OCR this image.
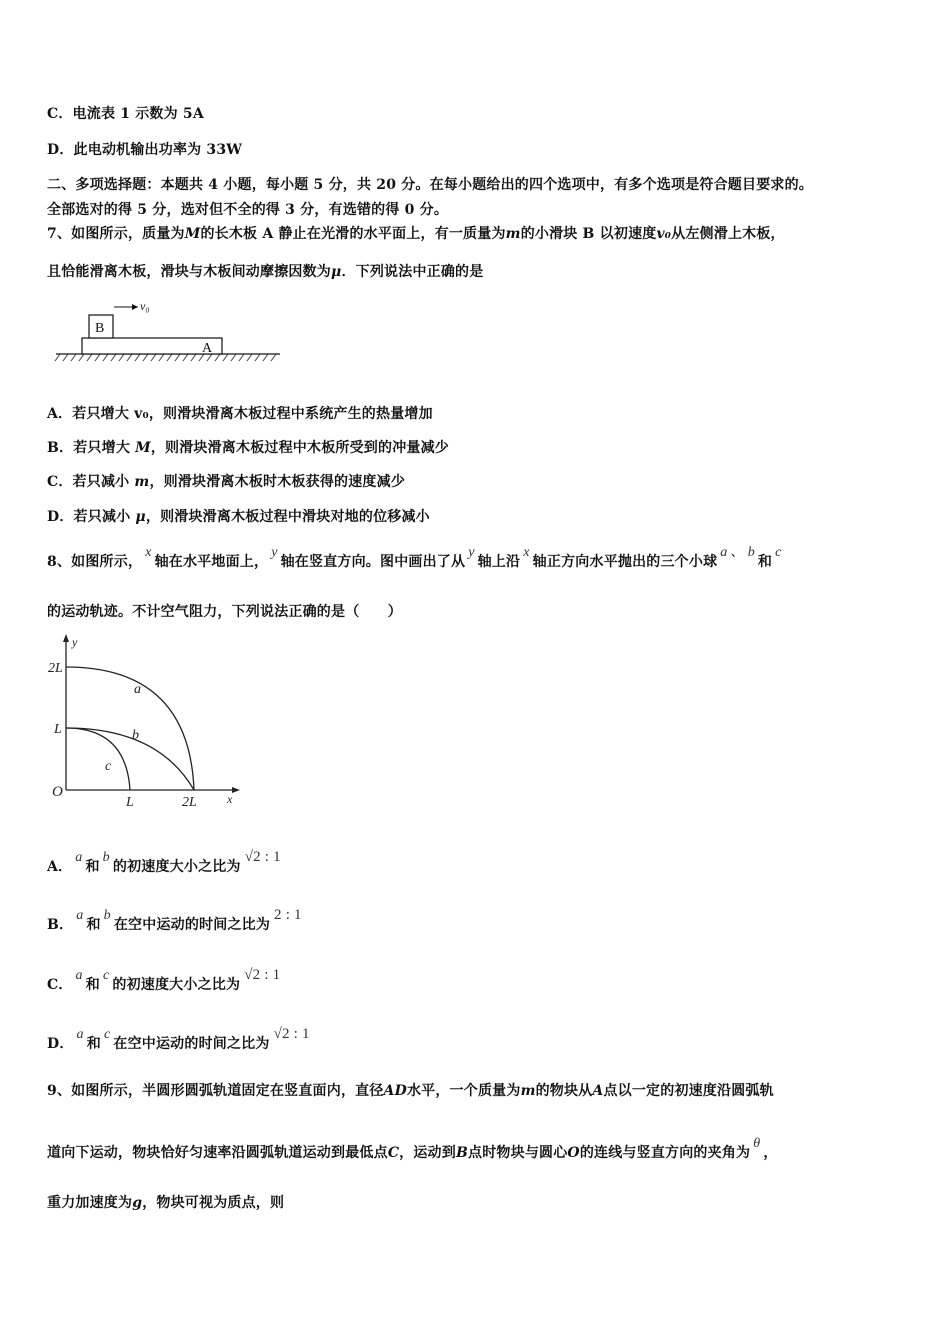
C．电流表 1 示数为 5A
D．此电动机输出功率为 33W
二、多项选择题：本题共 4 小题，每小题 5 分，共 20 分。在每小题给出的四个选项中，有多个选项是符合题目要求的。
全部选对的得 5 分，选对但不全的得 3 分，有选错的得 0 分。
7、如图所示，质量为M的长木板 A 静止在光滑的水平面上，有一质量为m的小滑块 B 以初速度v₀从左侧滑上木板，
且恰能滑离木板，滑块与木板间动摩擦因数为μ．下列说法中正确的是
B
A
v₀
A．若只增大 v₀，则滑块滑离木板过程中系统产生的热量增加
B．若只增大 M，则滑块滑离木板过程中木板所受到的冲量减少
C．若只减小 m，则滑块滑离木板时木板获得的速度减少
D．若只减小 μ，则滑块滑离木板过程中滑块对地的位移减小
8、如图所示，x轴在水平地面上，y轴在竖直方向。图中画出了从y轴上沿x轴正方向水平抛出的三个小球a 、 b和c
的运动轨迹。不计空气阻力，下列说法正确的是（　　）
y
x
O
2L
L
L	2L
a
b
c
A．a和b的初速度大小之比为√2 : 1
B．a和b在空中运动的时间之比为2 : 1
C．a和c的初速度大小之比为√2 : 1
D．a和c在空中运动的时间之比为√2 : 1
9、如图所示，半圆形圆弧轨道固定在竖直面内，直径AD水平，一个质量为m的物块从A点以一定的初速度沿圆弧轨
道向下运动，物块恰好匀速率沿圆弧轨道运动到最低点C，运动到B点时物块与圆心O的连线与竖直方向的夹角为θ，
重力加速度为g，物块可视为质点，则
